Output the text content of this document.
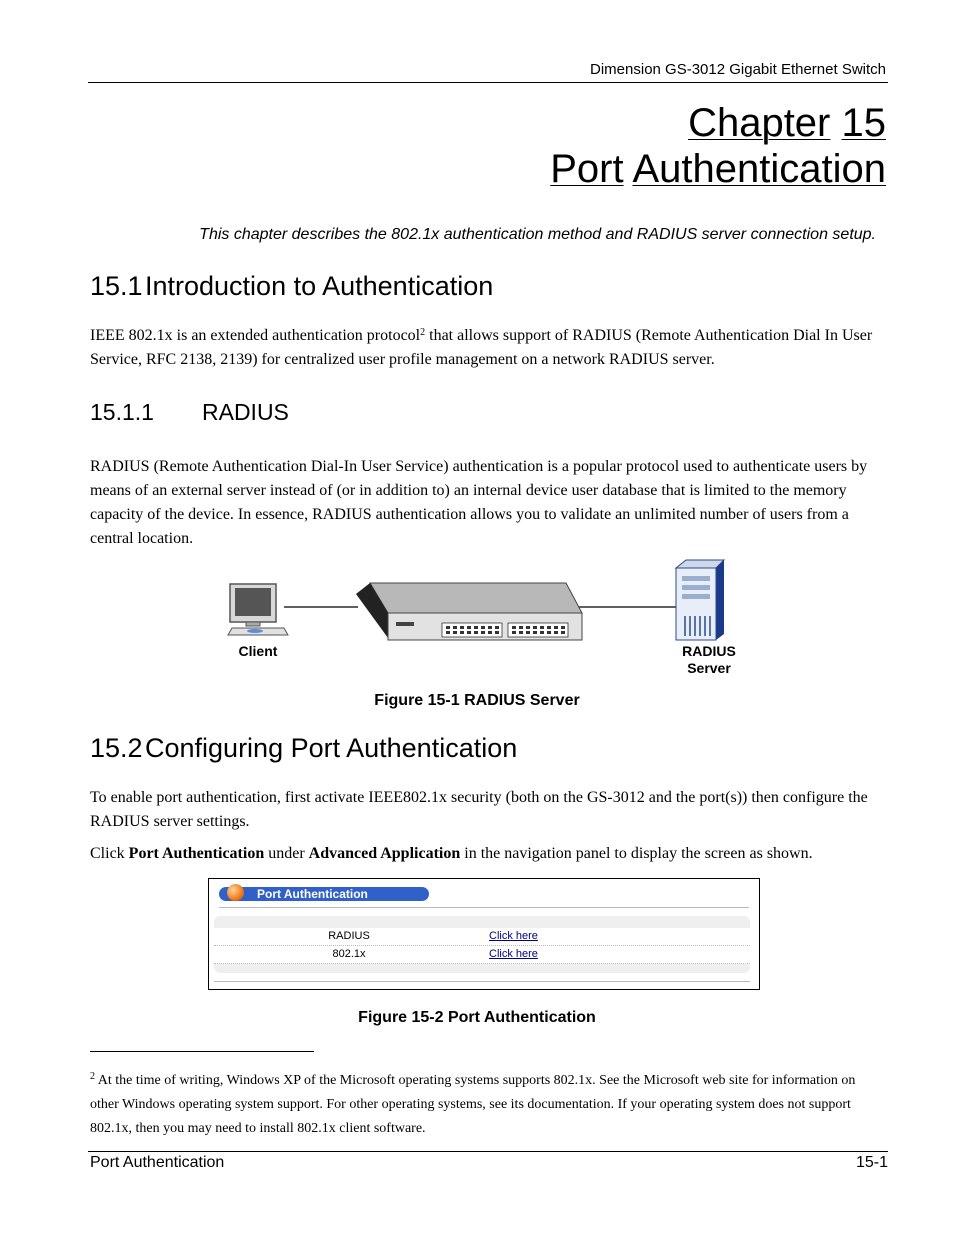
Dimension GS-3012 Gigabit Ethernet Switch
Chapter 15
Port Authentication
This chapter describes the 802.1x authentication method and RADIUS server connection setup.
15.1Introduction to Authentication
IEEE 802.1x is an extended authentication protocol$^2$ that allows support of RADIUS (Remote Authentication Dial In User Service, RFC 2138, 2139) for centralized user profile management on a network RADIUS server.
15.1.1 RADIUS
RADIUS (Remote Authentication Dial-In User Service) authentication is a popular protocol used to authenticate users by means of an external server instead of (or in addition to) an internal device user database that is limited to the memory capacity of the device. In essence, RADIUS authentication allows you to validate an unlimited number of users from a central location.
Client	RADIUS
Server
Figure 15-1 RADIUS Server
15.2Configuring Port Authentication
To enable port authentication, first activate IEEE802.1x security (both on the GS-3012 and the port(s)) then configure the RADIUS server settings.
Click Port Authentication under Advanced Application in the navigation panel to display the screen as shown.
Port Authentication
RADIUS	Click here
802.1x	Click here
Figure 15-2 Port Authentication
$^2$ At the time of writing, Windows XP of the Microsoft operating systems supports 802.1x. See the Microsoft web site for information on other Windows operating system support. For other operating systems, see its documentation. If your operating system does not support 802.1x, then you may need to install 802.1x client software.
Port Authentication	15-1
